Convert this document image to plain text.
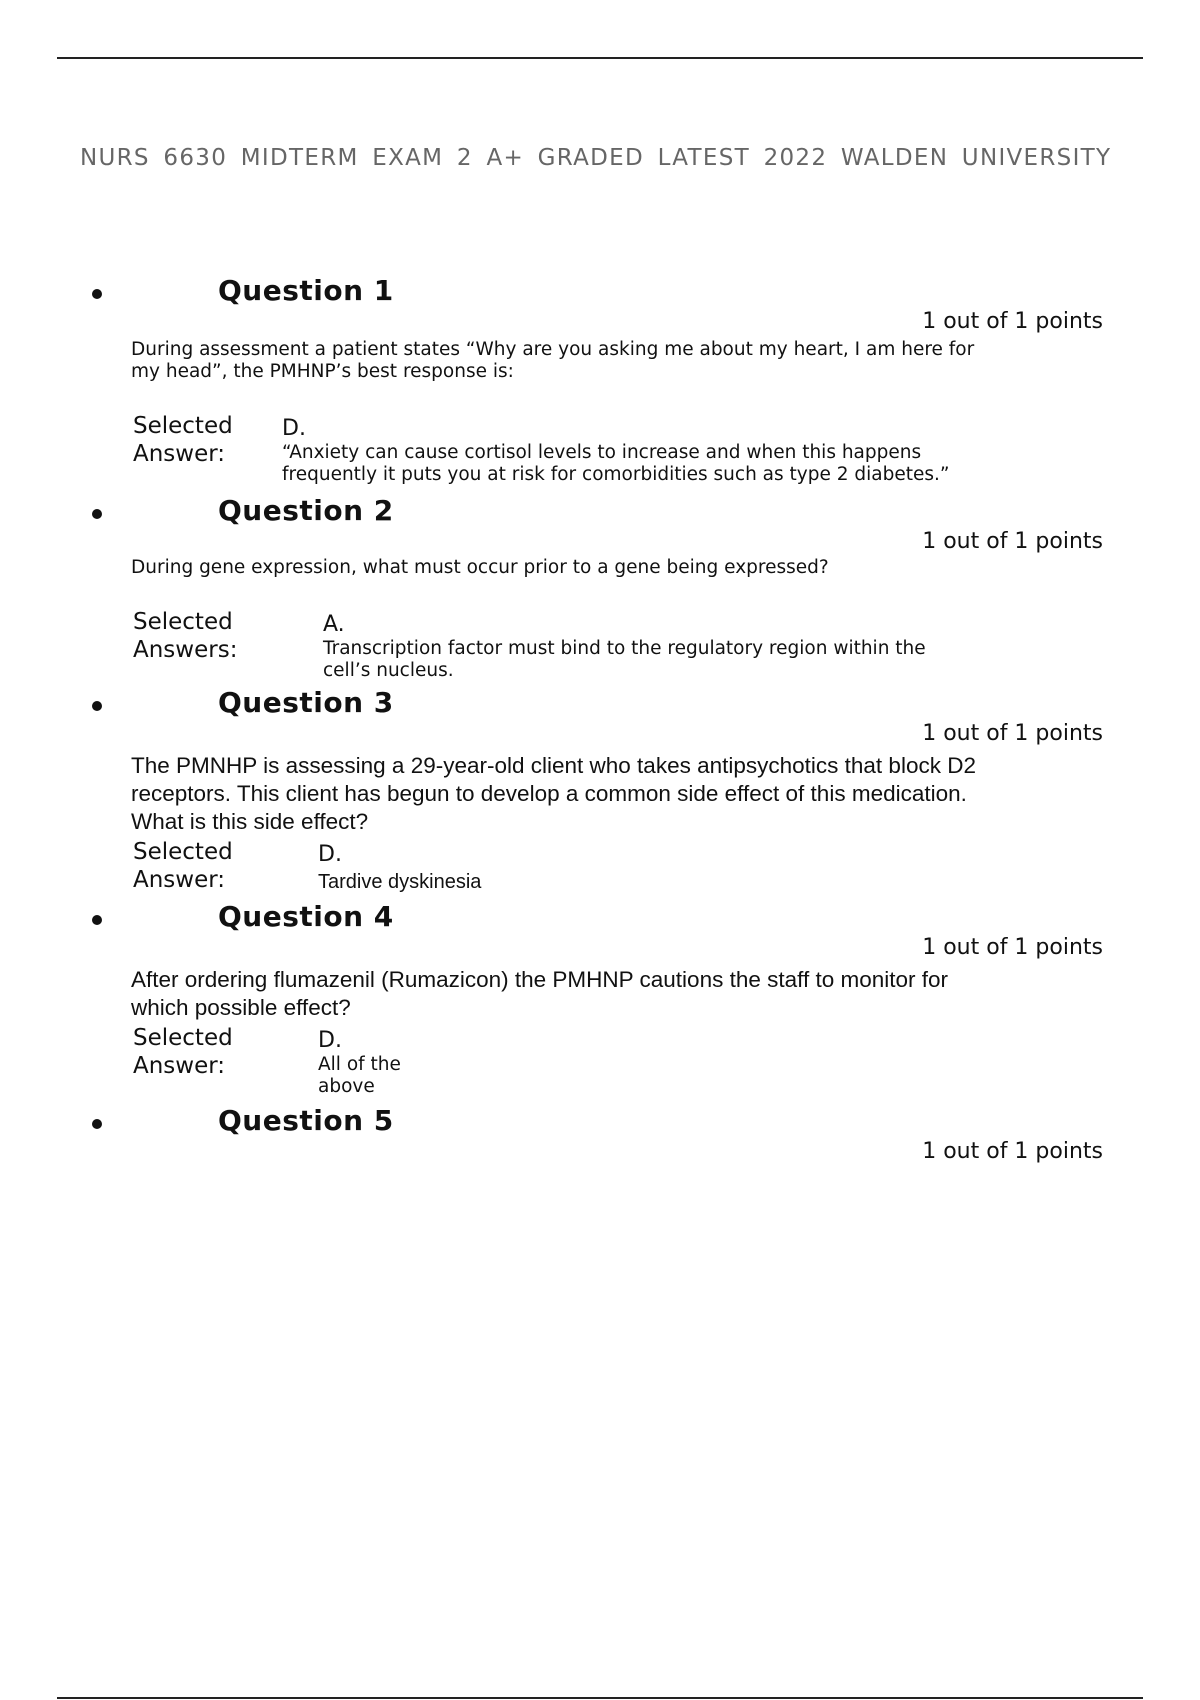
NURS 6630 MIDTERM EXAM 2 A+ GRADED LATEST 2022 WALDEN UNIVERSITY
Question 1
1 out of 1 points
During assessment a patient states “Why are you asking me about my heart, I am here for
my head”, the PMHNP’s best response is:
Selected
Answer:
D.
“Anxiety can cause cortisol levels to increase and when this happens
frequently it puts you at risk for comorbidities such as type 2 diabetes.”
Question 2
1 out of 1 points
During gene expression, what must occur prior to a gene being expressed?
Selected
Answers:
A.
Transcription factor must bind to the regulatory region within the
cell’s nucleus.
Question 3
1 out of 1 points
The PMNHP is assessing a 29-year-old client who takes antipsychotics that block D2
receptors. This client has begun to develop a common side effect of this medication.
What is this side effect?
Selected
Answer:
D.
Tardive dyskinesia
Question 4
1 out of 1 points
After ordering flumazenil (Rumazicon) the PMHNP cautions the staff to monitor for
which possible effect?
Selected
Answer:
D.
All of the
above
Question 5
1 out of 1 points
